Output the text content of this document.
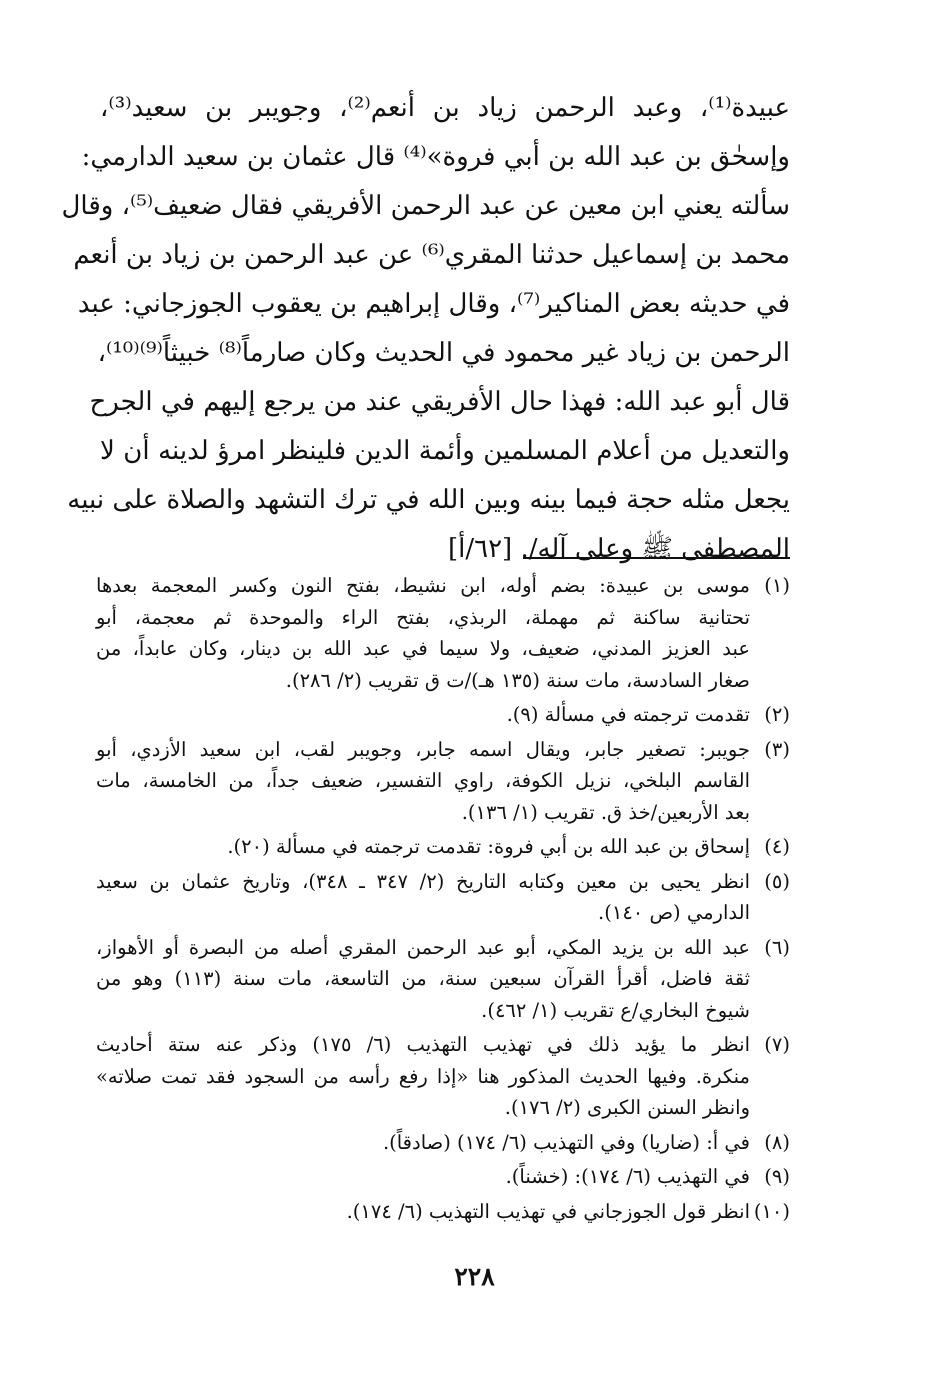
عبيدة⁽¹⁾، وعبد الرحمن زياد بن أنعم⁽²⁾، وجويبر بن سعيد⁽³⁾،
وإسحٰق بن عبد الله بن أبي فروة»⁽⁴⁾ قال عثمان بن سعيد الدارمي:
سألته يعني ابن معين عن عبد الرحمن الأفريقي فقال ضعيف⁽⁵⁾، وقال
محمد بن إسماعيل حدثنا المقري⁽⁶⁾ عن عبد الرحمن بن زياد بن أنعم
في حديثه بعض المناكير⁽⁷⁾، وقال إبراهيم بن يعقوب الجوزجاني: عبد
الرحمن بن زياد غير محمود في الحديث وكان صارماً⁽⁸⁾ خبيثاً⁽⁹⁾⁽¹⁰⁾،
قال أبو عبد الله: فهذا حال الأفريقي عند من يرجع إليهم في الجرح
والتعديل من أعلام المسلمين وأئمة الدين فلينظر امرؤ لدينه أن لا
يجعل مثله حجة فيما بينه وبين الله في ترك التشهد والصلاة على نبيه
المصطفى ﷺ وعلى آله/. [٦٢/أ]
(١)
موسى بن عبيدة: بضم أوله، ابن نشيط، بفتح النون وكسر المعجمة بعدها
تحتانية ساكنة ثم مهملة، الربذي، بفتح الراء والموحدة ثم معجمة، أبو
عبد العزيز المدني، ضعيف، ولا سيما في عبد الله بن دينار، وكان عابداً، من
صغار السادسة، مات سنة (١٣٥ هـ)/ت ق تقريب (٢/ ٢٨٦).
(٢)
تقدمت ترجمته في مسألة (٩).
(٣)
جويبر: تصغير جابر، ويقال اسمه جابر، وجويبر لقب، ابن سعيد الأزدي، أبو
القاسم البلخي، نزيل الكوفة، راوي التفسير، ضعيف جداً، من الخامسة، مات
بعد الأربعين/خذ ق. تقريب (١/ ١٣٦).
(٤)
إسحاق بن عبد الله بن أبي فروة: تقدمت ترجمته في مسألة (٢٠).
(٥)
انظر يحيى بن معين وكتابه التاريخ (٢/ ٣٤٧ ـ ٣٤٨)، وتاريخ عثمان بن سعيد
الدارمي (ص ١٤٠).
(٦)
عبد الله بن يزيد المكي، أبو عبد الرحمن المقري أصله من البصرة أو الأهواز،
ثقة فاضل، أقرأ القرآن سبعين سنة، من التاسعة، مات سنة (١١٣) وهو من
شيوخ البخاري/ع تقريب (١/ ٤٦٢).
(٧)
انظر ما يؤيد ذلك في تهذيب التهذيب (٦/ ١٧٥) وذكر عنه ستة أحاديث
منكرة. وفيها الحديث المذكور هنا «إذا رفع رأسه من السجود فقد تمت صلاته»
وانظر السنن الكبرى (٢/ ١٧٦).
(٨)
في أ: (ضاريا) وفي التهذيب (٦/ ١٧٤) (صادقاً).
(٩)
في التهذيب (٦/ ١٧٤): (خشناً).
(١٠)
انظر قول الجوزجاني في تهذيب التهذيب (٦/ ١٧٤).
٢٢٨
